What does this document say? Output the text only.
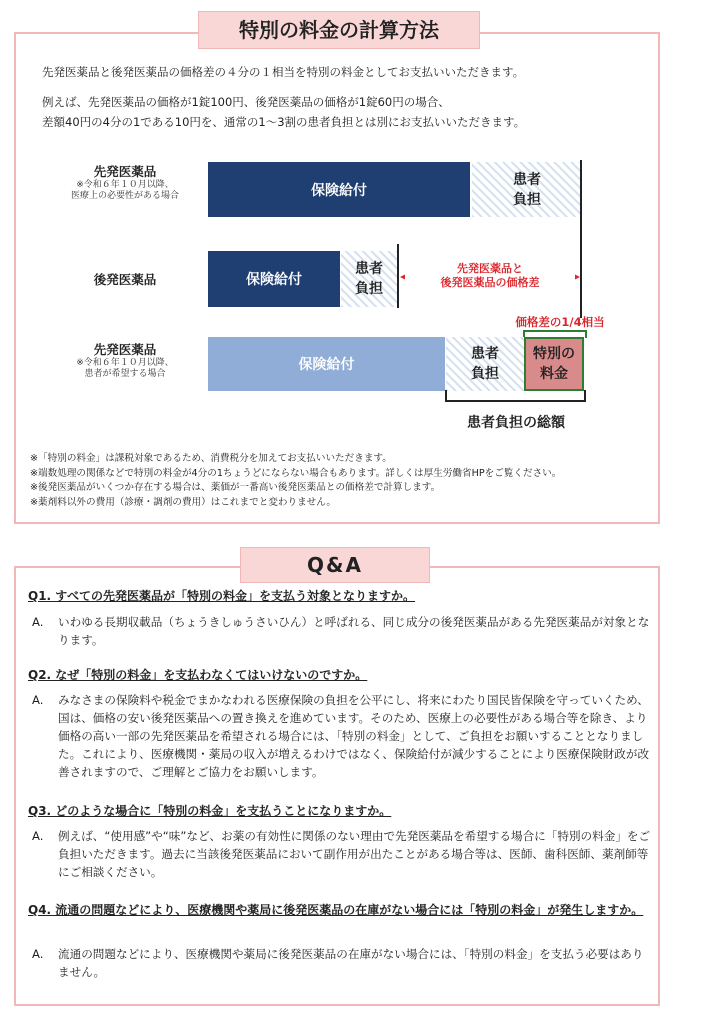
特別の料金の計算方法
先発医薬品と後発医薬品の価格差の４分の１相当を特別の料金としてお支払いいただきます。
例えば、先発医薬品の価格が1錠100円、後発医薬品の価格が1錠60円の場合、
差額40円の4分の1である10円を、通常の1～3割の患者負担とは別にお支払いいただきます。
先発医薬品
※令和６年１０月以降、
医療上の必要性がある場合	保険給付
患者
負担
後発医薬品	保険給付
患者
負担
先発医薬品と
後発医薬品の価格差
価格差の1/4相当
先発医薬品
※令和６年１０月以降、
患者が希望する場合
保険給付
患者
負担
特別の
料金
患者負担の総額
※「特別の料金」は課税対象であるため、消費税分を加えてお支払いいただきます。
※端数処理の関係などで特別の料金が4分の1ちょうどにならない場合もあります。詳しくは厚生労働省HPをご覧ください。
※後発医薬品がいくつか存在する場合は、薬価が一番高い後発医薬品との価格差で計算します。
※薬剤料以外の費用（診療・調剤の費用）はこれまでと変わりません。
Q&A
Q1. すべての先発医薬品が「特別の料金」を支払う対象となりますか。
A.	いわゆる長期収載品（ちょうきしゅうさいひん）と呼ばれる、同じ成分の後発医薬品がある先発医薬品が対象となります。
Q2. なぜ「特別の料金」を支払わなくてはいけないのですか。
A.	みなさまの保険料や税金でまかなわれる医療保険の負担を公平にし、将来にわたり国民皆保険を守っていくため、国は、価格の安い後発医薬品への置き換えを進めています。そのため、医療上の必要性がある場合等を除き、より価格の高い一部の先発医薬品を希望される場合には、「特別の料金」として、ご負担をお願いすることとなりました。これにより、医療機関・薬局の収入が増えるわけではなく、保険給付が減少することにより医療保険財政が改善されますので、ご理解とご協力をお願いします。
Q3. どのような場合に「特別の料金」を支払うことになりますか。
A.	例えば、“使用感”や“味”など、お薬の有効性に関係のない理由で先発医薬品を希望する場合に「特別の料金」をご負担いただきます。過去に当該後発医薬品において副作用が出たことがある場合等は、医師、歯科医師、薬剤師等にご相談ください。
Q4. 流通の問題などにより、医療機関や薬局に後発医薬品の在庫がない場合には「特別の料金」が発生しますか。
A.	流通の問題などにより、医療機関や薬局に後発医薬品の在庫がない場合には、「特別の料金」を支払う必要はありません。
